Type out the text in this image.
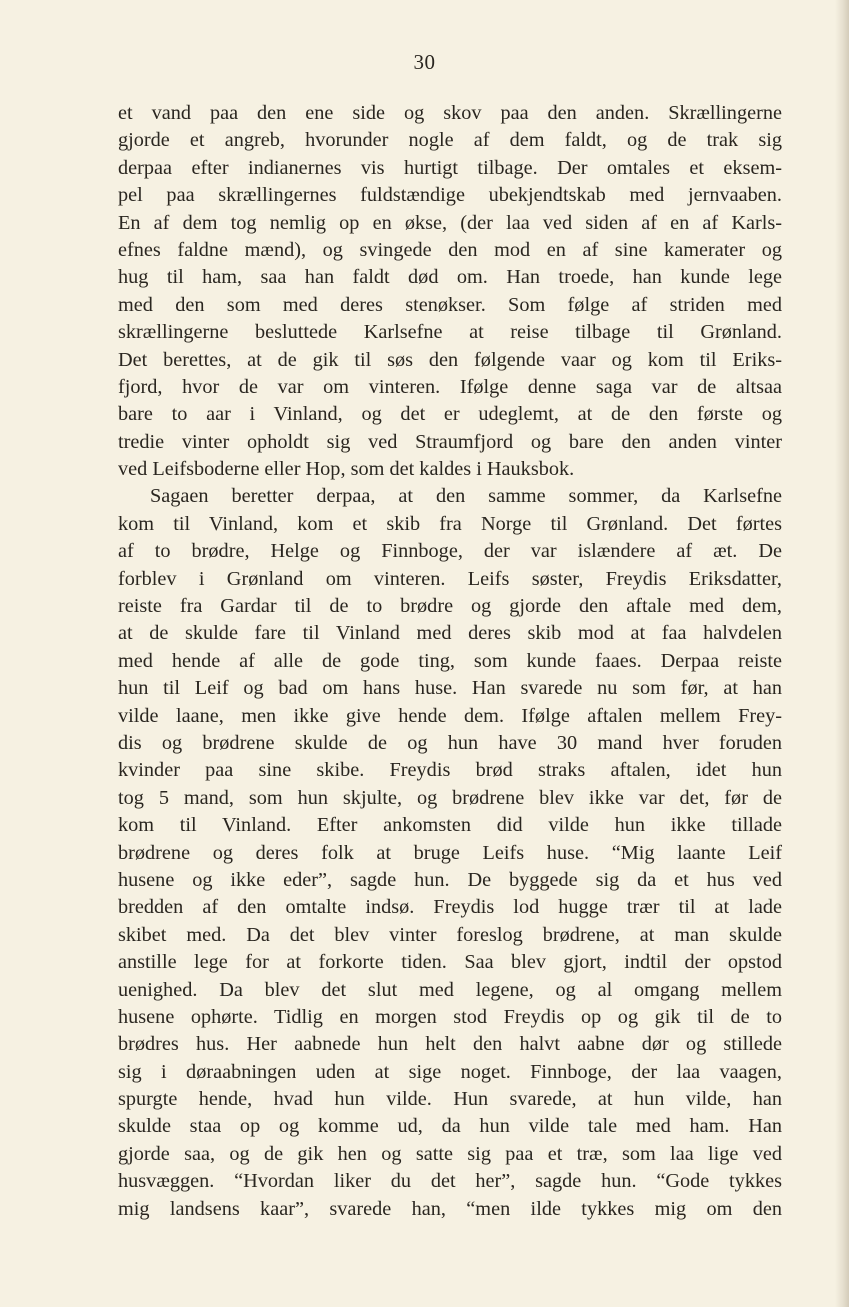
30
et vand paa den ene side og skov paa den anden. Skrællingerne
gjorde et angreb, hvorunder nogle af dem faldt, og de trak sig
derpaa efter indianernes vis hurtigt tilbage. Der omtales et eksem-
pel paa skrællingernes fuldstændige ubekjendtskab med jernvaaben.
En af dem tog nemlig op en økse, (der laa ved siden af en af Karls-
efnes faldne mænd), og svingede den mod en af sine kamerater og
hug til ham, saa han faldt død om. Han troede, han kunde lege
med den som med deres stenøkser. Som følge af striden med
skrællingerne besluttede Karlsefne at reise tilbage til Grønland.
Det berettes, at de gik til søs den følgende vaar og kom til Eriks-
fjord, hvor de var om vinteren. Ifølge denne saga var de altsaa
bare to aar i Vinland, og det er udeglemt, at de den første og
tredie vinter opholdt sig ved Straumfjord og bare den anden vinter
ved Leifsboderne eller Hop, som det kaldes i Hauksbok.
Sagaen beretter derpaa, at den samme sommer, da Karlsefne
kom til Vinland, kom et skib fra Norge til Grønland. Det førtes
af to brødre, Helge og Finnboge, der var islændere af æt. De
forblev i Grønland om vinteren. Leifs søster, Freydis Eriksdatter,
reiste fra Gardar til de to brødre og gjorde den aftale med dem,
at de skulde fare til Vinland med deres skib mod at faa halvdelen
med hende af alle de gode ting, som kunde faaes. Derpaa reiste
hun til Leif og bad om hans huse. Han svarede nu som før, at han
vilde laane, men ikke give hende dem. Ifølge aftalen mellem Frey-
dis og brødrene skulde de og hun have 30 mand hver foruden
kvinder paa sine skibe. Freydis brød straks aftalen, idet hun
tog 5 mand, som hun skjulte, og brødrene blev ikke var det, før de
kom til Vinland. Efter ankomsten did vilde hun ikke tillade
brødrene og deres folk at bruge Leifs huse. “Mig laante Leif
husene og ikke eder”, sagde hun. De byggede sig da et hus ved
bredden af den omtalte indsø. Freydis lod hugge trær til at lade
skibet med. Da det blev vinter foreslog brødrene, at man skulde
anstille lege for at forkorte tiden. Saa blev gjort, indtil der opstod
uenighed. Da blev det slut med legene, og al omgang mellem
husene ophørte. Tidlig en morgen stod Freydis op og gik til de to
brødres hus. Her aabnede hun helt den halvt aabne dør og stillede
sig i døraabningen uden at sige noget. Finnboge, der laa vaagen,
spurgte hende, hvad hun vilde. Hun svarede, at hun vilde, han
skulde staa op og komme ud, da hun vilde tale med ham. Han
gjorde saa, og de gik hen og satte sig paa et træ, som laa lige ved
husvæggen. “Hvordan liker du det her”, sagde hun. “Gode tykkes
mig landsens kaar”, svarede han, “men ilde tykkes mig om den
